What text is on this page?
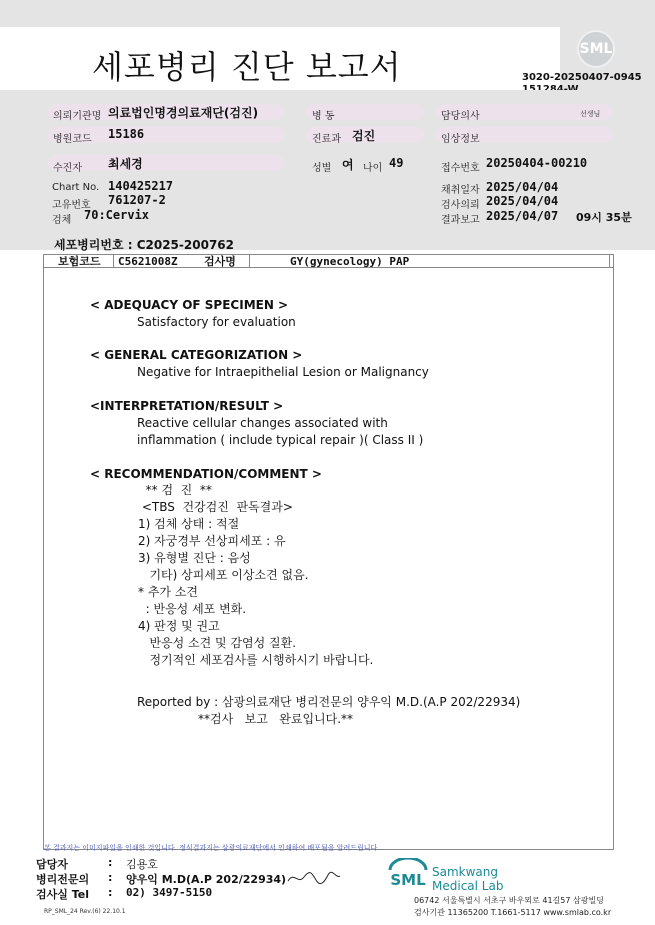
세포병리 진단 보고서	SML
3020-20250407-0945
의뢰기관명 의료법인명경의료재단(검진)	병 동	담당의사	선생님
병원코드 15186	진료과 검진	임상정보
수진자 최세경	성별 여 나이 49	접수번호 20250404-00210
Chart No. 140425217
고유번호 761207-2
검체 70:Cervix
채취일자 2025/04/04
검사의뢰 2025/04/04
결과보고 2025/04/07 09시 35분
세포병리번호 : C2025-200762
보험코드 C5621008Z 검사명	GY(gynecology) PAP
< ADEQUACY OF SPECIMEN >
Satisfactory for evaluation
< GENERAL CATEGORIZATION >
Negative for Intraepithelial Lesion or Malignancy
<INTERPRETATION/RESULT >
Reactive cellular changes associated with
inflammation ( include typical repair )( Class II )
< RECOMMENDATION/COMMENT >
** 검  진  **
<TBS  건강검진  판독결과>
1) 검체 상태 : 적절
2) 자궁경부 선상피세포 : 유
3) 유형별 진단 : 음성
기타) 상피세포 이상소견 없음.
* 추가 소견
: 반응성 세포 변화.
4) 판정 및 권고
반응성 소견 및 감염성 질환.
정기적인 세포검사를 시행하시기 바랍니다.
Reported by : 삼광의료재단 병리전문의 양우익 M.D.(A.P 202/22934)
**검사   보고   완료입니다.**
본 결과지는 이미지파일을 인쇄한 것입니다. 정식결과지는 삼광의료재단에서 인쇄하여 배포됨을 알려드립니다.
담당자	: 김용호
병리전문의 : 양우익 M.D(A.P 202/22934)
검사실 Tel : 02) 3497-5150
RP_SML_24 Rev.(6) 22.10.1
SML Samkwang
Medical Lab
06742 서울특별시 서초구 바우뫼로 41길57 삼광빌딩
검사기관 11365200 T.1661-5117 www.smlab.co.kr
